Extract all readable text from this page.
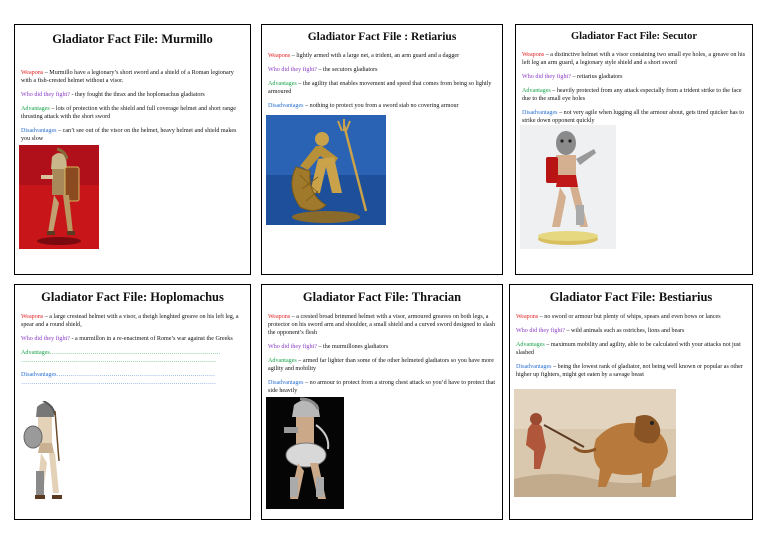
Gladiator Fact File: Murmillo

Weapons – Murmillo have a legionary’s short sword and a shield of a Roman legionary with a fish-crested helmet without a visor.

Who did they fight? - they fought the thrax and the hoplomachus gladiators

Advantages – lots of protection with the shield and full coverage helmet and short range thrusting attack with the short sword

Disadvantages – can’t see out of the visor on the helmet, heavy helmet and shield makes you slow

Gladiator Fact File : Retiarius

Weapons – lightly armed with a large net, a trident, an arm guard and a dagger

Who did they fight? – the secutors gladiators

Advantages – the agility that enables movement and speed that comes from being so lightly armoured

Disadvantages – nothing to protect you from a sword stab no covering armour

Gladiator Fact File: Secutor

Weapons – a distinctive helmet with a visor containing two small eye holes, a greave on his left leg an arm guard, a legionary style shield and a short sword

Who did they fight? – retiarius gladiators

Advantages – heavily protected from any attack especially from a trident strike to the face due to the small eye holes

Disadvantages – not very agile when lugging all the armour about, gets tired quicker has to strike down opponent quickly

Gladiator Fact File: Hoplomachus

Weapons – a large crestead helmet with a visor, a theigh lenghted greave on his left leg, a spear and a round shield,

Who did they fight? - a murmillon in a re-enactment of Rome’s war against the Greeks

Advantages………………………………………………………………………… ……………………………………………………………………………………

Disadvantages…………………………………………………………………… ……………………………………………………………………………………

Gladiator Fact File: Thracian

Weapons – a crested broad brimmed helmet with a visor, armoured greaves on both legs, a protector on his sword arm and shoulder, a small shield and a curved sword designed to slash the opponent’s flesh

Who did they fight? – the murmillones gladiators

Advantages – armed far lighter than some of the other helmeted gladiators so you have more agility and mobility

Disadvantages – no armour to protect from a strong chest attack so you’d have to protect that side heavily

Gladiator Fact File: Bestiarius

Weapons – no sword or armour but plenty of whips, spears and even bows or lances

Who did they fight? – wild animals such as ostriches, lions and bears

Advantages – maximum mobility and agility, able to be calculated with your attacks not just slashed

Disadvantages – being the lowest rank of gladiator, not being well known or popular as other higher up fighters, might get eaten by a savage beast
